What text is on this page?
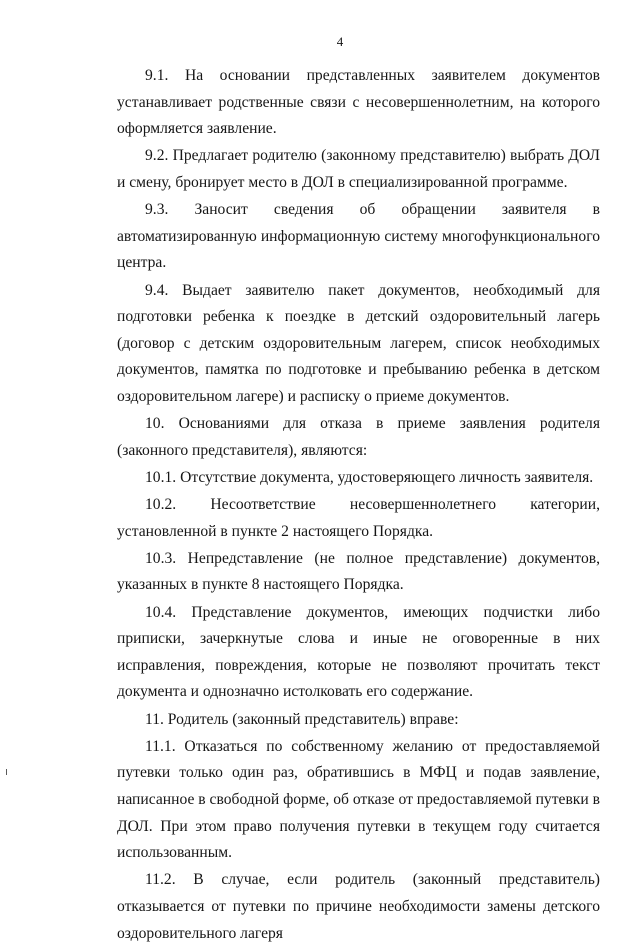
4

9.1. На основании представленных заявителем документов устанавливает родственные связи с несовершеннолетним, на которого оформляется заявление.

9.2. Предлагает родителю (законному представителю) выбрать ДОЛ и смену, бронирует место в ДОЛ в специализированной программе.

9.3. Заносит сведения об обращении заявителя в автоматизированную информационную систему многофункционального центра.

9.4. Выдает заявителю пакет документов, необходимый для подготовки ребенка к поездке в детский оздоровительный лагерь (договор с детским оздоровительным лагерем, список необходимых документов, памятка по подготовке и пребыванию ребенка в детском оздоровительном лагере) и расписку о приеме документов.

10. Основаниями для отказа в приеме заявления родителя (законного представителя), являются:

10.1. Отсутствие документа, удостоверяющего личность заявителя.

10.2. Несоответствие несовершеннолетнего категории, установленной в пункте 2 настоящего Порядка.

10.3. Непредставление (не полное представление) документов, указанных в пункте 8 настоящего Порядка.

10.4. Представление документов, имеющих подчистки либо приписки, зачеркнутые слова и иные не оговоренные в них исправления, повреждения, которые не позволяют прочитать текст документа и однозначно истолковать его содержание.

11. Родитель (законный представитель) вправе:

11.1. Отказаться по собственному желанию от предоставляемой путевки только один раз, обратившись в МФЦ и подав заявление, написанное в свободной форме, об отказе от предоставляемой путевки в ДОЛ. При этом право получения путевки в текущем году считается использованным.

11.2. В случае, если родитель (законный представитель) отказывается от путевки по причине необходимости замены детского оздоровительного лагеря
